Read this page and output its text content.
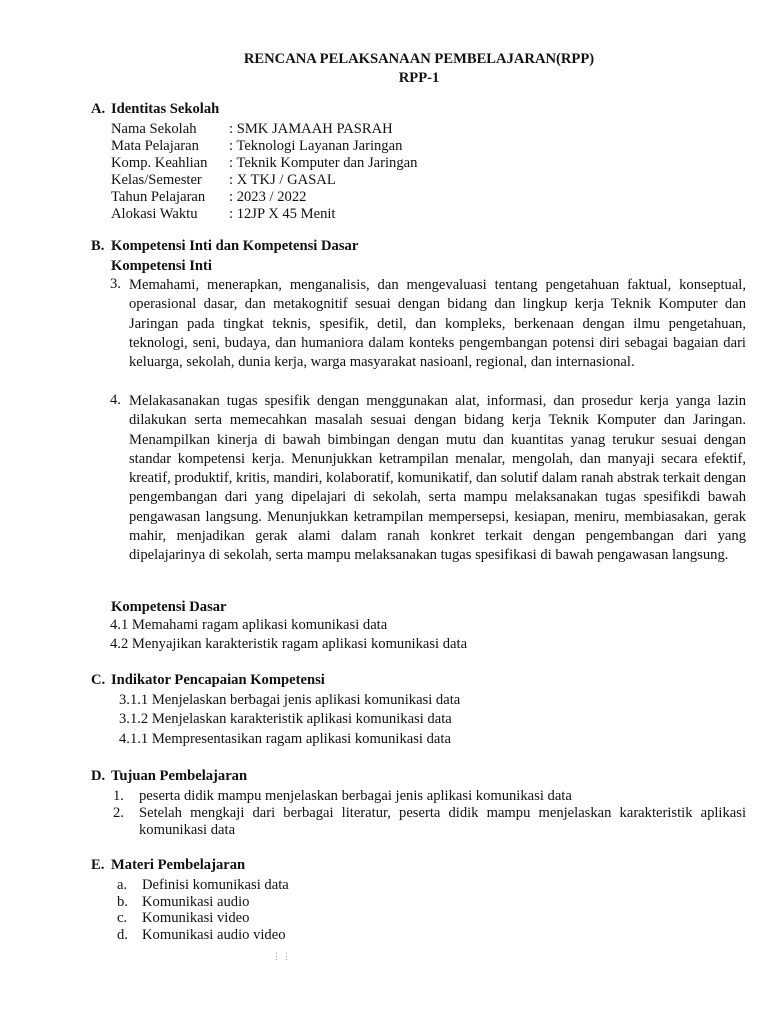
RENCANA PELAKSANAAN PEMBELAJARAN(RPP)
RPP-1
A. Identitas Sekolah
Nama Sekolah : SMK JAMAAH PASRAH
Mata Pelajaran : Teknologi Layanan Jaringan
Komp. Keahlian : Teknik Komputer dan Jaringan
Kelas/Semester : X TKJ / GASAL
Tahun Pelajaran : 2023 / 2022
Alokasi Waktu : 12JP X 45 Menit
B. Kompetensi Inti dan Kompetensi Dasar
Kompetensi Inti
3. Memahami, menerapkan, menganalisis, dan mengevaluasi tentang pengetahuan faktual, konseptual, operasional dasar, dan metakognitif sesuai dengan bidang dan lingkup kerja Teknik Komputer dan Jaringan pada tingkat teknis, spesifik, detil, dan kompleks, berkenaan dengan ilmu pengetahuan, teknologi, seni, budaya, dan humaniora dalam konteks pengembangan potensi diri sebagai bagaian dari keluarga, sekolah, dunia kerja, warga masyarakat nasioanl, regional, dan internasional.
4. Melakasanakan tugas spesifik dengan menggunakan alat, informasi, dan prosedur kerja yanga lazin dilakukan serta memecahkan masalah sesuai dengan bidang kerja Teknik Komputer dan Jaringan. Menampilkan kinerja di bawah bimbingan dengan mutu dan kuantitas yanag terukur sesuai dengan standar kompetensi kerja. Menunjukkan ketrampilan menalar, mengolah, dan manyaji secara efektif, kreatif, produktif, kritis, mandiri, kolaboratif, komunikatif, dan solutif dalam ranah abstrak terkait dengan pengembangan dari yang dipelajari di sekolah, serta mampu melaksanakan tugas spesifikdi bawah pengawasan langsung. Menunjukkan ketrampilan mempersepsi, kesiapan, meniru, membiasakan, gerak mahir, menjadikan gerak alami dalam ranah konkret terkait dengan pengembangan dari yang dipelajarinya di sekolah, serta mampu melaksanakan tugas spesifikasi di bawah pengawasan langsung.
Kompetensi Dasar
4.1 Memahami ragam aplikasi komunikasi data
4.2 Menyajikan karakteristik ragam aplikasi komunikasi data
C. Indikator Pencapaian Kompetensi
3.1.1 Menjelaskan berbagai jenis aplikasi komunikasi data
3.1.2 Menjelaskan karakteristik aplikasi komunikasi data
4.1.1 Mempresentasikan ragam aplikasi komunikasi data
D. Tujuan Pembelajaran
1. peserta didik mampu menjelaskan berbagai jenis aplikasi komunikasi data
2. Setelah mengkaji dari berbagai literatur, peserta didik mampu menjelaskan karakteristik aplikasi komunikasi data
E. Materi Pembelajaran
a. Definisi komunikasi data
b. Komunikasi audio
c. Komunikasi video
d. Komunikasi audio video
⋮⋮
